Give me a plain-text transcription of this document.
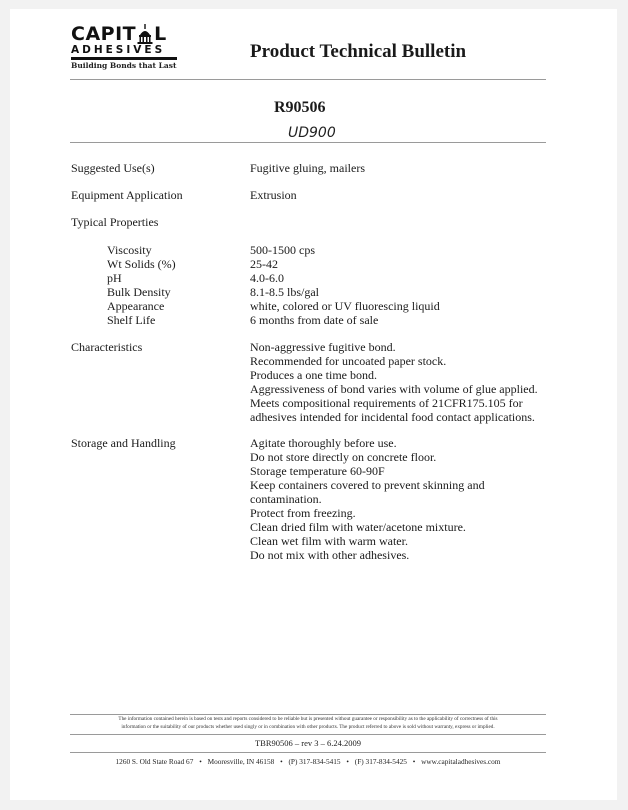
CAPIT L
ADHESIVES
Building Bonds that Last
Product Technical Bulletin
R90506
UD900
Suggested Use(s)	Fugitive gluing, mailers
Equipment Application	Extrusion
Typical Properties
Viscosity	500-1500 cps
Wt Solids (%)	25-42
pH	4.0-6.0
Bulk Density	8.1-8.5 lbs/gal
Appearance	white, colored or UV fluorescing liquid
Shelf Life	6 months from date of sale
Characteristics	Non-aggressive fugitive bond.
Recommended for uncoated paper stock.
Produces a one time bond.
Aggressiveness of bond varies with volume of glue applied.
Meets compositional requirements of 21CFR175.105 for
adhesives intended for incidental food contact applications.
Storage and Handling	Agitate thoroughly before use.
Do not store directly on concrete floor.
Storage temperature 60-90F
Keep containers covered to prevent skinning and
contamination.
Protect from freezing.
Clean dried film with water/acetone mixture.
Clean wet film with warm water.
Do not mix with other adhesives.
The information contained herein is based on tests and reports considered to be reliable but is presented without guarantee or responsibility as to the applicability of correctness of this
information or the suitability of our products whether used singly or in combination with other products. The product referred to above is sold without warranty, express or implied.
TBR90506 – rev 3 – 6.24.2009
1260 S. Old State Road 67 • Mooresville, IN 46158 • (P) 317-834-5415 • (F) 317-834-5425 • www.capitaladhesives.com
